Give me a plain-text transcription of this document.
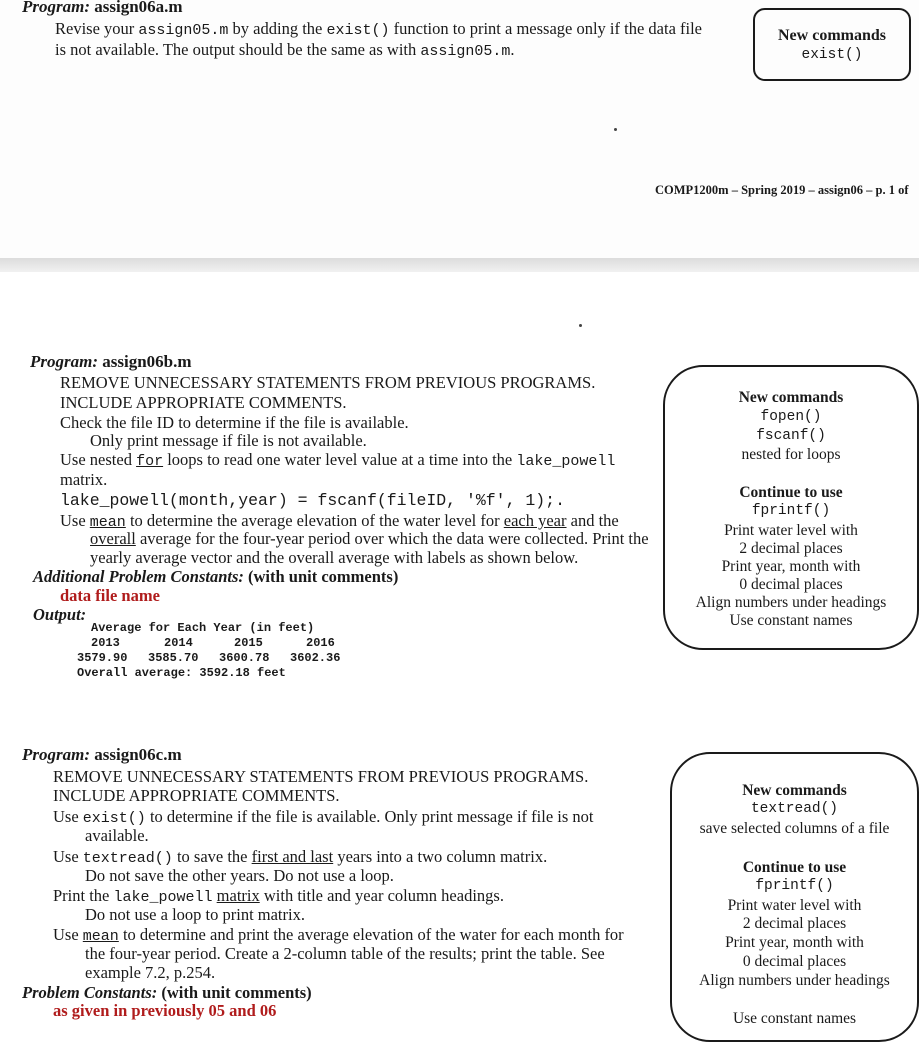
Program: assign06a.m
Revise your assign05.m by adding the exist() function to print a message only if the data file
is not available. The output should be the same as with assign05.m.
New commands
exist()
COMP1200m – Spring 2019 – assign06 – p. 1 of
Program: assign06b.m
REMOVE UNNECESSARY STATEMENTS FROM PREVIOUS PROGRAMS.
INCLUDE APPROPRIATE COMMENTS.
Check the file ID to determine if the file is available.
Only print message if file is not available.
Use nested for loops to read one water level value at a time into the lake_powell
matrix.
lake_powell(month,year) = fscanf(fileID, '%f', 1);.
Use mean to determine the average elevation of the water level for each year and the
overall average for the four-year period over which the data were collected. Print the
yearly average vector and the overall average with labels as shown below.
Additional Problem Constants: (with unit comments)
data file name
Output:
Average for Each Year (in feet)
2013	2014	2015	2016
3579.90 3585.70 3600.78 3602.36
Overall average: 3592.18 feet
New commands
fopen()
fscanf()
nested for loops
Continue to use
fprintf()
Print water level with
2 decimal places
Print year, month with
0 decimal places
Align numbers under headings
Use constant names
Program: assign06c.m
REMOVE UNNECESSARY STATEMENTS FROM PREVIOUS PROGRAMS.
INCLUDE APPROPRIATE COMMENTS.
Use exist() to determine if the file is available. Only print message if file is not
available.
Use textread() to save the first and last years into a two column matrix.
Do not save the other years. Do not use a loop.
Print the lake_powell matrix with title and year column headings.
Do not use a loop to print matrix.
Use mean to determine and print the average elevation of the water for each month for
the four-year period. Create a 2-column table of the results; print the table. See
example 7.2, p.254.
Problem Constants: (with unit comments)
as given in previously 05 and 06
New commands
textread()
save selected columns of a file
Continue to use
fprintf()
Print water level with
2 decimal places
Print year, month with
0 decimal places
Align numbers under headings
Use constant names
